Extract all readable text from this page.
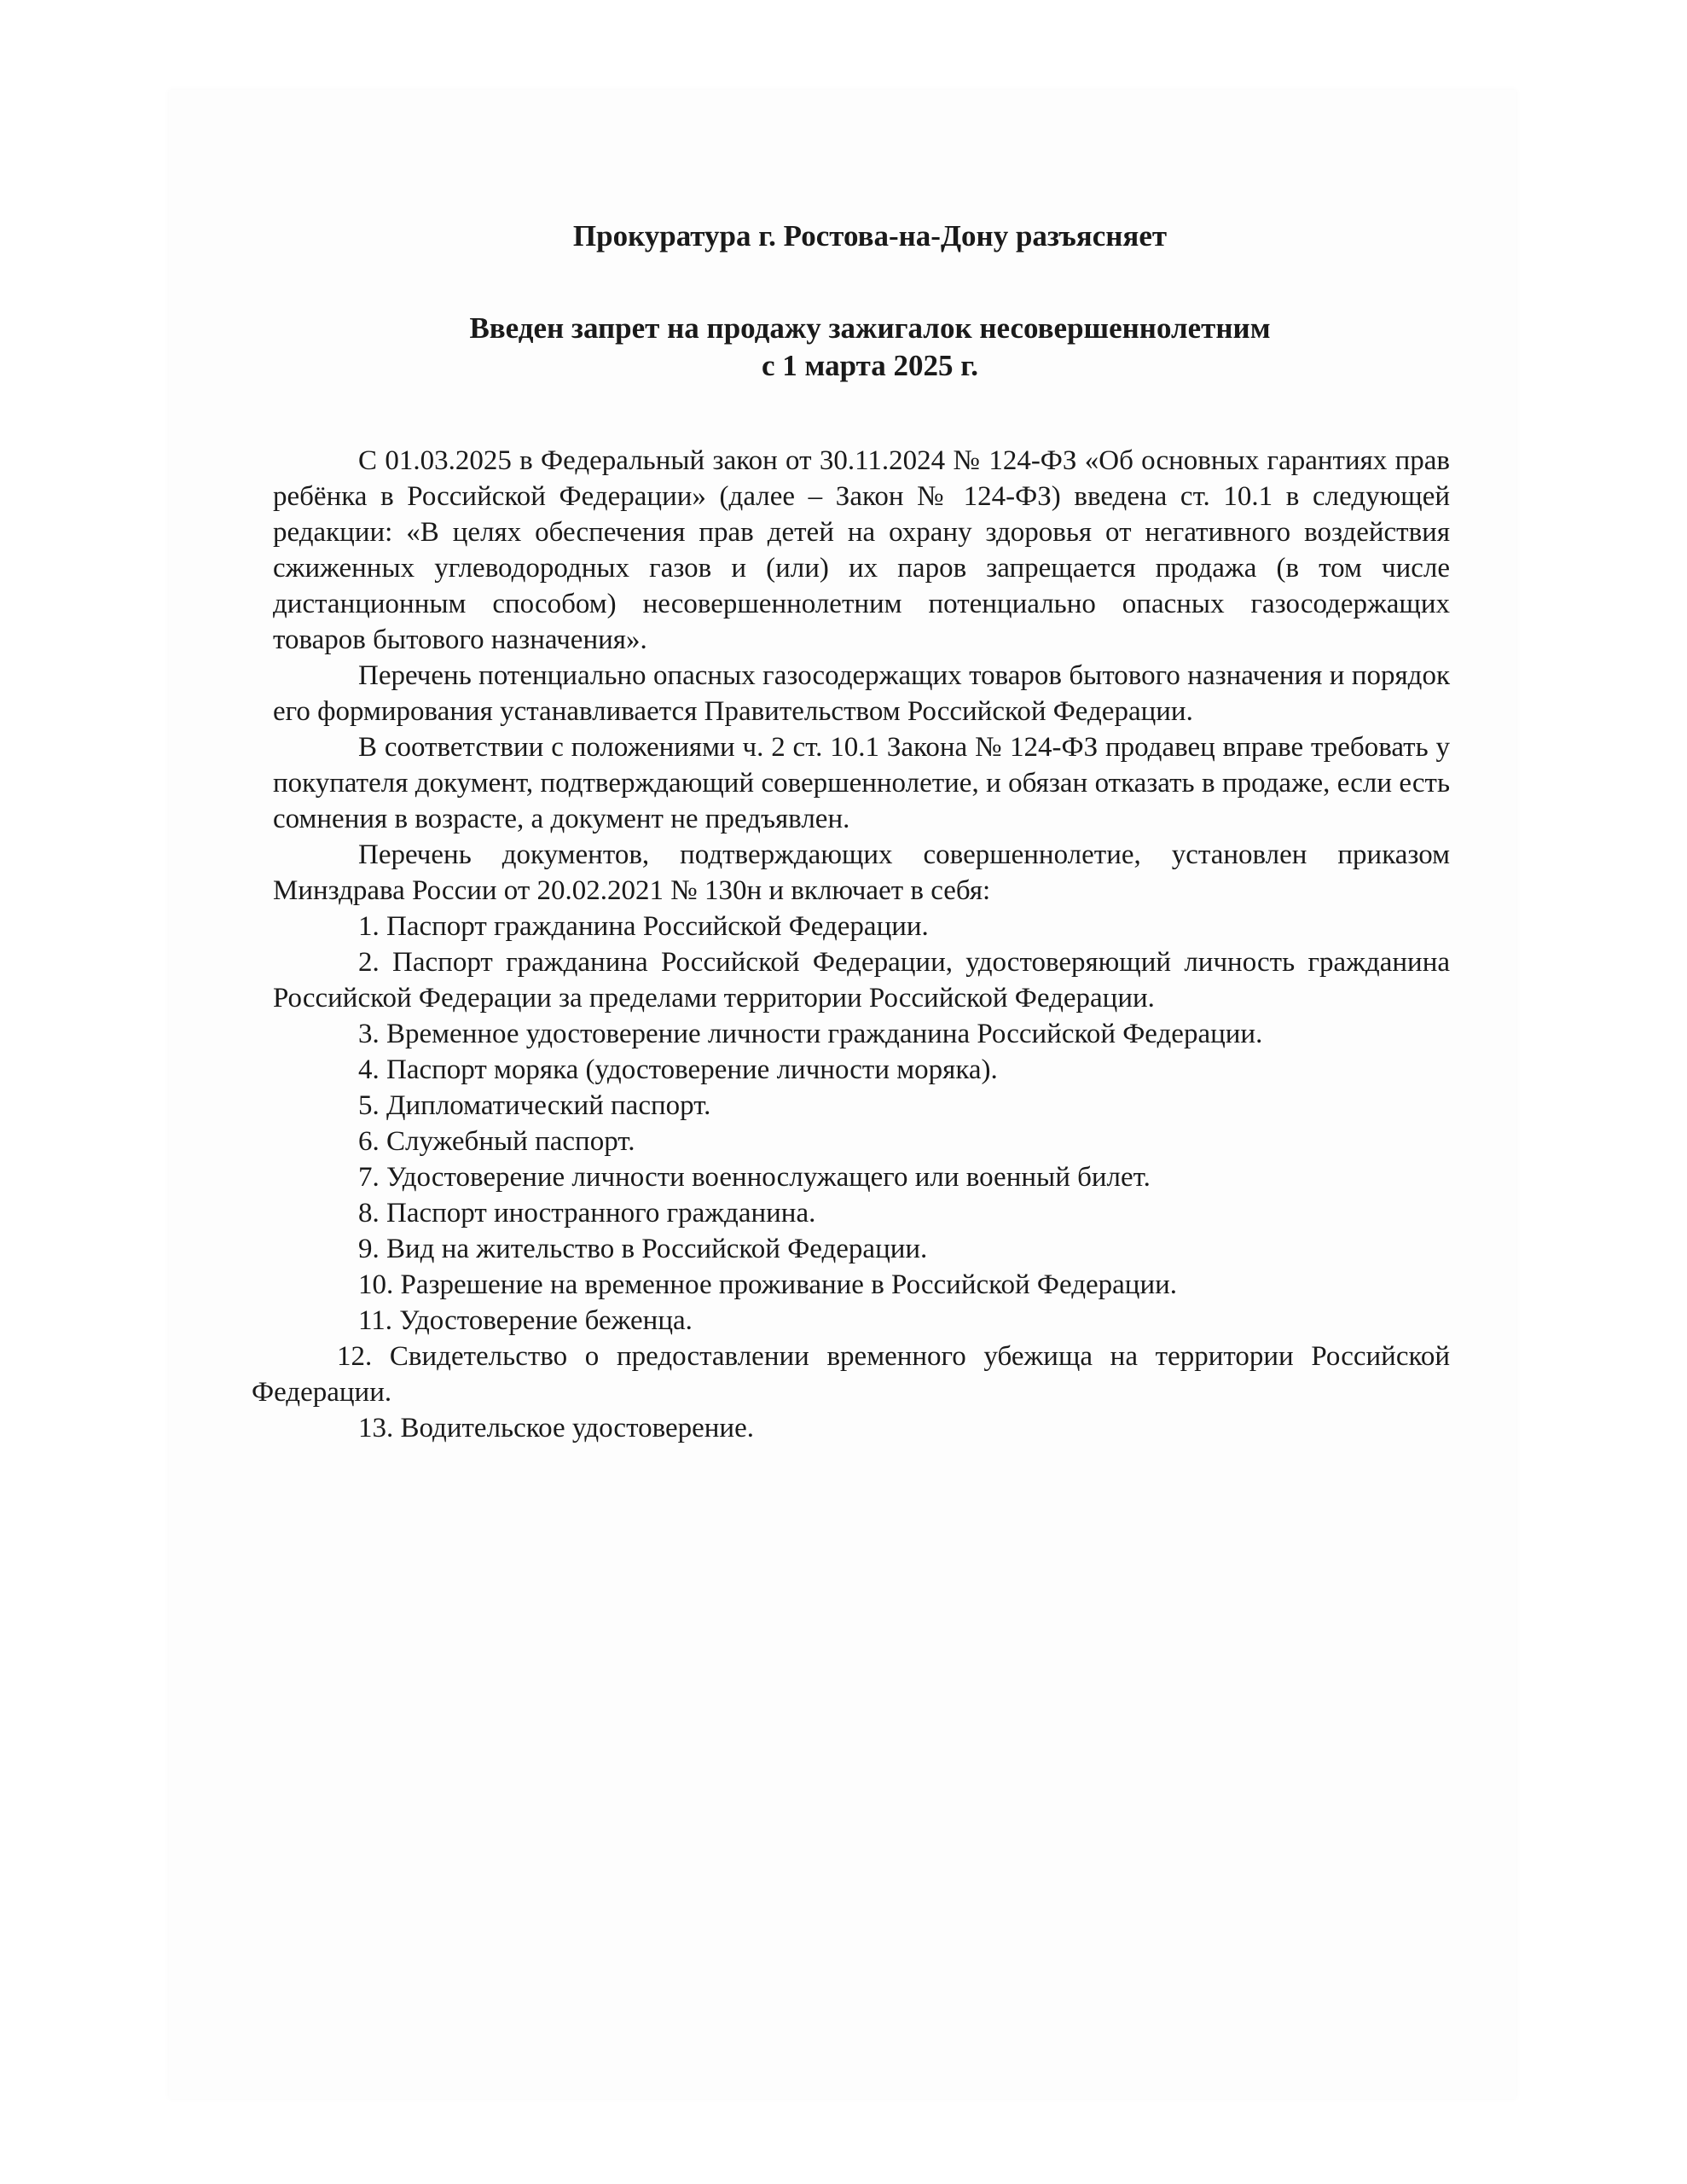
Прокуратура г. Ростова-на-Дону разъясняет
Введен запрет на продажу зажигалок несовершеннолетним
с 1 марта 2025 г.

С 01.03.2025 в Федеральный закон от 30.11.2024 № 124-ФЗ «Об основных гарантиях прав ребёнка в Российской Федерации» (далее – Закон № 124-ФЗ) введена ст. 10.1 в следующей редакции: «В целях обеспечения прав детей на охрану здоровья от негативного воздействия сжиженных углеводородных газов и (или) их паров запрещается продажа (в том числе дистанционным способом) несовершеннолетним потенциально опасных газосодержащих товаров бытового назначения».

Перечень потенциально опасных газосодержащих товаров бытового назначения и порядок его формирования устанавливается Правительством Российской Федерации.

В соответствии с положениями ч. 2 ст. 10.1 Закона № 124-ФЗ продавец вправе требовать у покупателя документ, подтверждающий совершеннолетие, и обязан отказать в продаже, если есть сомнения в возрасте, а документ не предъявлен.

Перечень документов, подтверждающих совершеннолетие, установлен приказом Минздрава России от 20.02.2021 № 130н и включает в себя:

1. Паспорт гражданина Российской Федерации.

2. Паспорт гражданина Российской Федерации, удостоверяющий личность гражданина Российской Федерации за пределами территории Российской Федерации.

3. Временное удостоверение личности гражданина Российской Федерации.

4. Паспорт моряка (удостоверение личности моряка).

5. Дипломатический паспорт.

6. Служебный паспорт.

7. Удостоверение личности военнослужащего или военный билет.

8. Паспорт иностранного гражданина.

9. Вид на жительство в Российской Федерации.

10. Разрешение на временное проживание в Российской Федерации.

11. Удостоверение беженца.

12. Свидетельство о предоставлении временного убежища на территории Российской Федерации.

13. Водительское удостоверение.
